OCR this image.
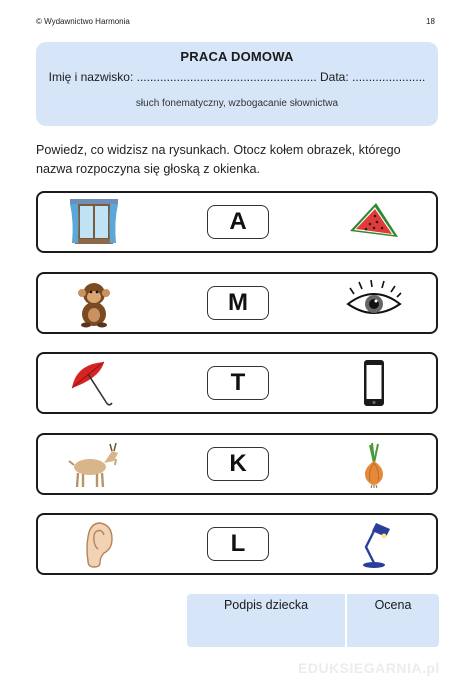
© Wydawnictwo Harmonia	18
PRACA DOMOWA
Imię i nazwisko: ...................................................... Data: ......................
słuch fonematyczny, wzbogacanie słownictwa
Powiedz, co widzisz na rysunkach. Otocz kołem obrazek, którego nazwa rozpoczyna się głoską z okienka.
A
M
T
K
L
Podpis dziecka	Ocena
EDUKSIEGARNIA.pl
